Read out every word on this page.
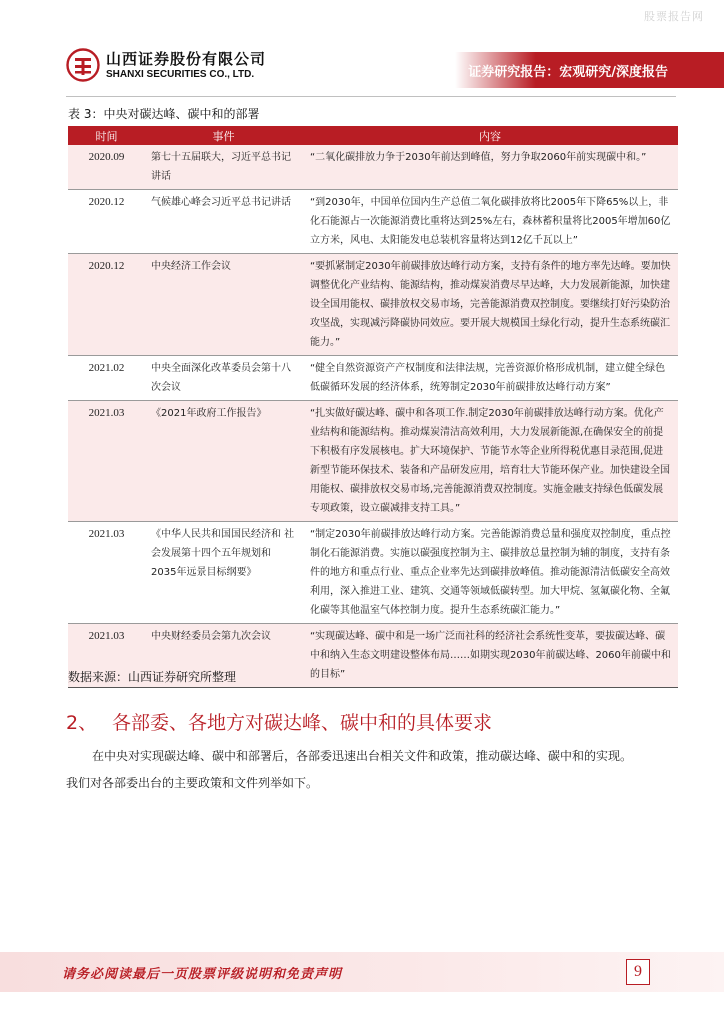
股票报告网
山西证券股份有限公司
SHANXI SECURITIES CO., LTD.	证券研究报告：宏观研究/深度报告
表 3：中央对碳达峰、碳中和的部署
时间	事件	内容
2020.09	第七十五届联大，习近平总书记讲话	“二氧化碳排放力争于2030年前达到峰值，努力争取2060年前实现碳中和。”
2020.12	气候雄心峰会习近平总书记讲话	“到2030年，中国单位国内生产总值二氧化碳排放将比2005年下降65%以上，非化石能源占一次能源消费比重将达到25%左右，森林蓄积量将比2005年增加60亿立方米，风电、太阳能发电总装机容量将达到12亿千瓦以上”
2020.12	中央经济工作会议	“要抓紧制定2030年前碳排放达峰行动方案，支持有条件的地方率先达峰。要加快调整优化产业结构、能源结构，推动煤炭消费尽早达峰，大力发展新能源，加快建设全国用能权、碳排放权交易市场，完善能源消费双控制度。要继续打好污染防治攻坚战，实现减污降碳协同效应。要开展大规模国土绿化行动，提升生态系统碳汇能力。”
2021.02	中央全面深化改革委员会第十八次会议	“健全自然资源资产产权制度和法律法规，完善资源价格形成机制，建立健全绿色低碳循环发展的经济体系，统筹制定2030年前碳排放达峰行动方案”
2021.03	《2021年政府工作报告》	“扎实做好碳达峰、碳中和各项工作.制定2030年前碳排放达峰行动方案。优化产业结构和能源结构。推动煤炭清洁高效利用，大力发展新能源,在确保安全的前提下积极有序发展核电。扩大环境保护、节能节水等企业所得税优惠目录范围,促进新型节能环保技术、装备和产品研发应用，培育壮大节能环保产业。加快建设全国用能权、碳排放权交易市场,完善能源消费双控制度。实施金融支持绿色低碳发展专项政策，设立碳减排支持工具。”
2021.03	《中华人民共和国国民经济和 社会发展第十四个五年规划和2035年远景目标纲要》	“制定2030年前碳排放达峰行动方案。完善能源消费总量和强度双控制度，重点控制化石能源消费。实施以碳强度控制为主、碳排放总量控制为辅的制度，支持有条件的地方和重点行业、重点企业率先达到碳排放峰值。推动能源清洁低碳安全高效利用，深入推进工业、建筑、交通等领域低碳转型。加大甲烷、氢氟碳化物、全氟化碳等其他温室气体控制力度。提升生态系统碳汇能力。”
2021.03	中央财经委员会第九次会议	“实现碳达峰、碳中和是一场广泛而社科的经济社会系统性变革，要拔碳达峰、碳中和纳入生态文明建设整体布局……如期实现2030年前碳达峰、2060年前碳中和的目标”
数据来源：山西证券研究所整理
2、 各部委、各地方对碳达峰、碳中和的具体要求
在中央对实现碳达峰、碳中和部署后，各部委迅速出台相关文件和政策，推动碳达峰、碳中和的实现。
我们对各部委出台的主要政策和文件列举如下。
请务必阅读最后一页股票评级说明和免责声明	9
